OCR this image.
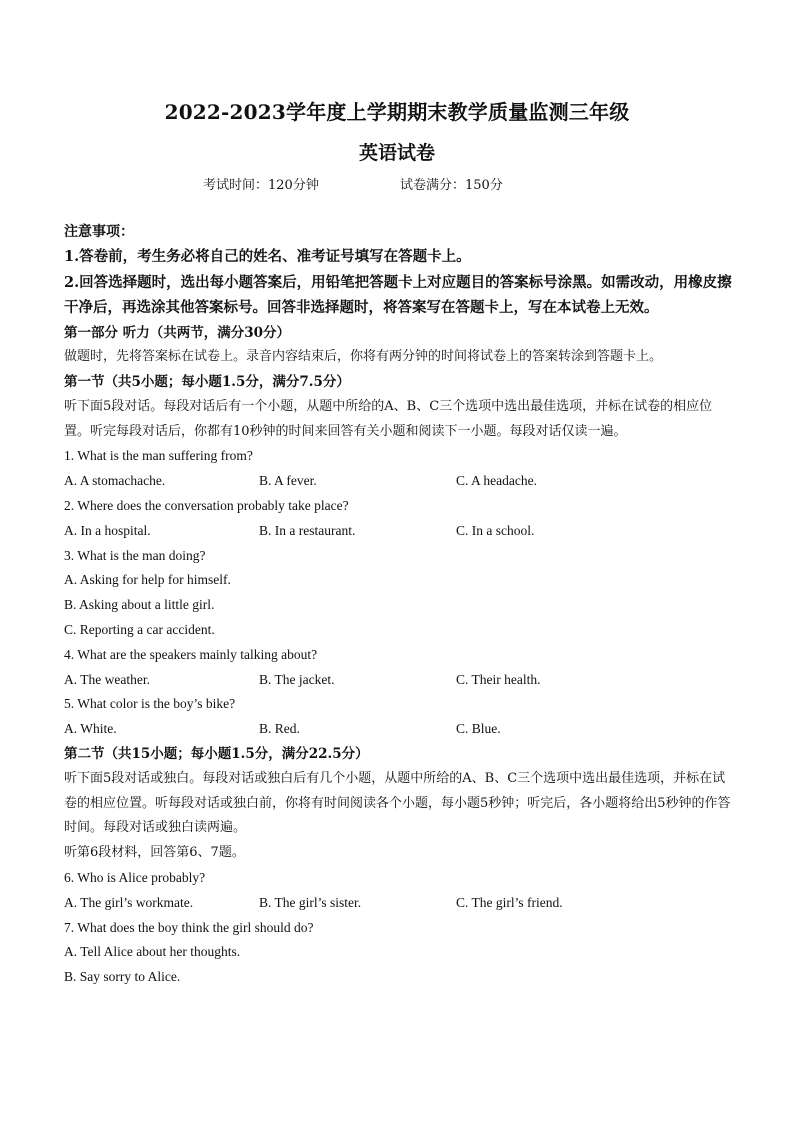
2022-2023学年度上学期期末教学质量监测三年级
英语试卷
考试时间：120分钟	试卷满分：150分
注意事项：
1.答卷前，考生务必将自己的姓名、准考证号填写在答题卡上。
2.回答选择题时，选出每小题答案后，用铅笔把答题卡上对应题目的答案标号涂黑。如需改动，用橡皮擦干净后，再选涂其他答案标号。回答非选择题时，将答案写在答题卡上，写在本试卷上无效。
第一部分 听力（共两节，满分30分）
做题时，先将答案标在试卷上。录音内容结束后，你将有两分钟的时间将试卷上的答案转涂到答题卡上。
第一节（共5小题；每小题1.5分，满分7.5分）
听下面5段对话。每段对话后有一个小题，从题中所给的A、B、C三个选项中选出最佳选项，并标在试卷的相应位置。听完每段对话后，你都有10秒钟的时间来回答有关小题和阅读下一小题。每段对话仅读一遍。
1. What is the man suffering from?
A. A stomachache.	B. A fever.	C. A headache.
2. Where does the conversation probably take place?
A. In a hospital.	B. In a restaurant.	C. In a school.
3. What is the man doing?
A. Asking for help for himself.
B. Asking about a little girl.
C. Reporting a car accident.
4. What are the speakers mainly talking about?
A. The weather.	B. The jacket.	C. Their health.
5. What color is the boy’s bike?
A. White.	B. Red.	C. Blue.
第二节（共15小题；每小题1.5分，满分22.5分）
听下面5段对话或独白。每段对话或独白后有几个小题，从题中所给的A、B、C三个选项中选出最佳选项，并标在试卷的相应位置。听每段对话或独白前，你将有时间阅读各个小题，每小题5秒钟；听完后，各小题将给出5秒钟的作答时间。每段对话或独白读两遍。
听第6段材料，回答第6、7题。
6. Who is Alice probably?
A. The girl’s workmate.	B. The girl’s sister.	C. The girl’s friend.
7. What does the boy think the girl should do?
A. Tell Alice about her thoughts.
B. Say sorry to Alice.
